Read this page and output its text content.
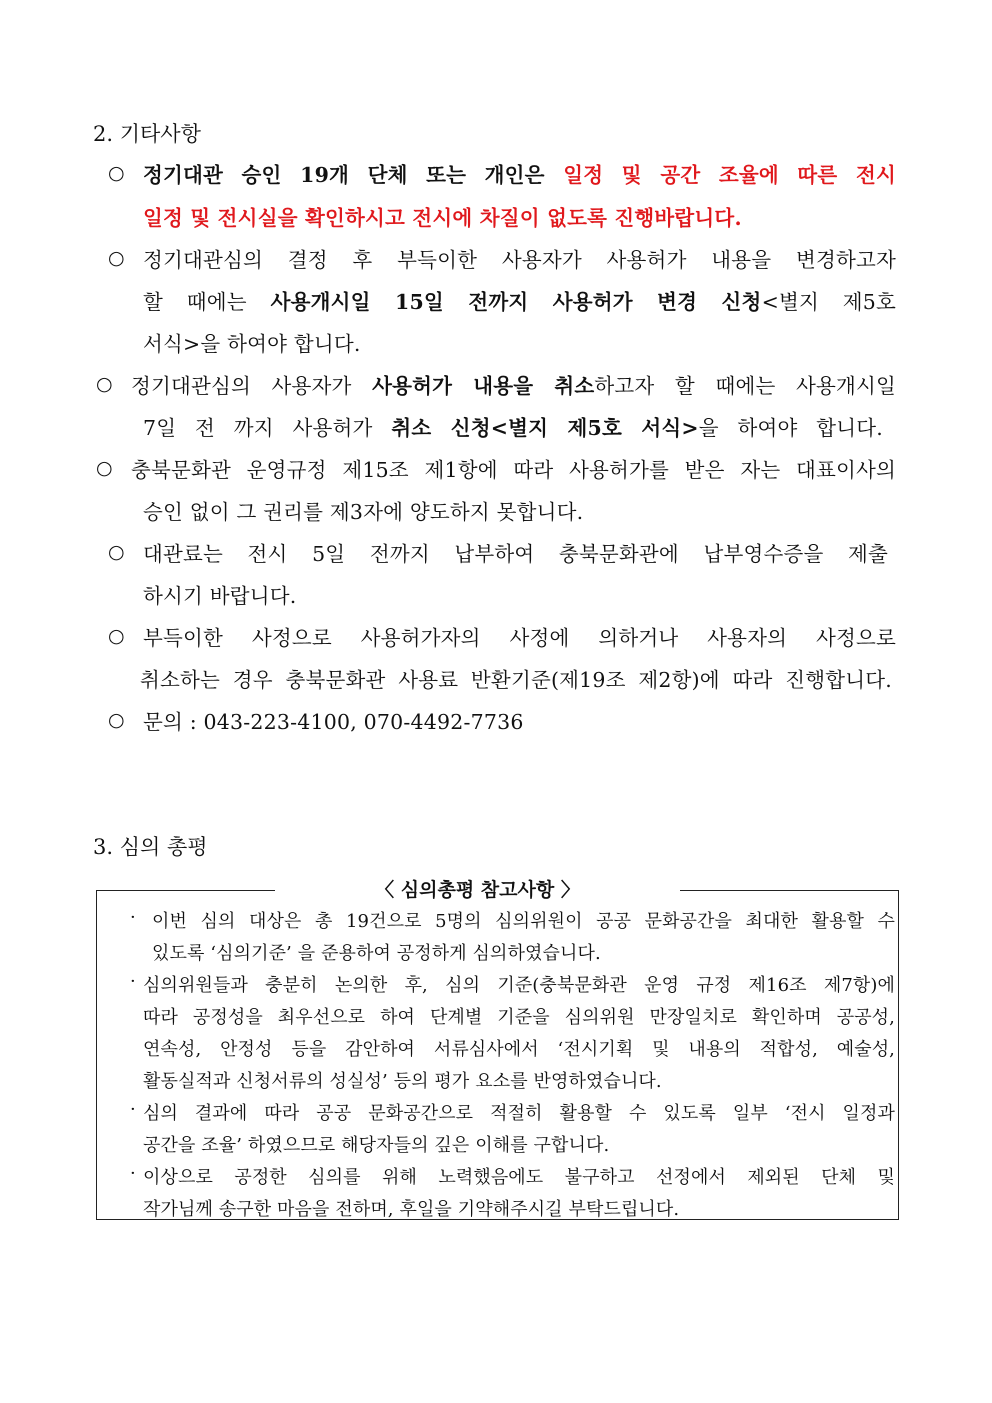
2. 기타사항
○ 정기대관 승인 19개 단체 또는 개인은 일정 및 공간 조율에 따른 전시
일정 및 전시실을 확인하시고 전시에 차질이 없도록 진행바랍니다.
○ 정기대관심의 결정 후 부득이한 사용자가 사용허가 내용을 변경하고자
할 때에는 사용개시일 15일 전까지 사용허가 변경 신청<별지 제5호
서식>을 하여야 합니다.
○ 정기대관심의 사용자가 사용허가 내용을 취소하고자 할 때에는 사용개시일
7일 전 까지 사용허가 취소 신청<별지 제5호 서식>을 하여야 합니다.
○ 충북문화관 운영규정 제15조 제1항에 따라 사용허가를 받은 자는 대표이사의
승인 없이 그 권리를 제3자에 양도하지 못합니다.
○ 대관료는 전시 5일 전까지 납부하여 충북문화관에 납부영수증을 제출
하시기 바랍니다.
○ 부득이한 사정으로 사용허가자의 사정에 의하거나 사용자의 사정으로
취소하는 경우 충북문화관 사용료 반환기준(제19조 제2항)에 따라 진행합니다.
○ 문의 : 043-223-4100, 070-4492-7736
3. 심의 총평
〈 심의총평 참고사항 〉
· 이번 심의 대상은 총 19건으로 5명의 심의위원이 공공 문화공간을 최대한 활용할 수
있도록 ‘심의기준’ 을 준용하여 공정하게 심의하였습니다.
· 심의위원들과 충분히 논의한 후, 심의 기준(충북문화관 운영 규정 제16조 제7항)에
따라 공정성을 최우선으로 하여 단계별 기준을 심의위원 만장일치로 확인하며 공공성,
연속성, 안정성 등을 감안하여 서류심사에서 ‘전시기획 및 내용의 적합성, 예술성,
활동실적과 신청서류의 성실성’ 등의 평가 요소를 반영하였습니다.
· 심의 결과에 따라 공공 문화공간으로 적절히 활용할 수 있도록 일부 ‘전시 일정과
공간을 조율’ 하였으므로 해당자들의 깊은 이해를 구합니다.
· 이상으로 공정한 심의를 위해 노력했음에도 불구하고 선정에서 제외된 단체 및
작가님께 송구한 마음을 전하며, 후일을 기약해주시길 부탁드립니다.
